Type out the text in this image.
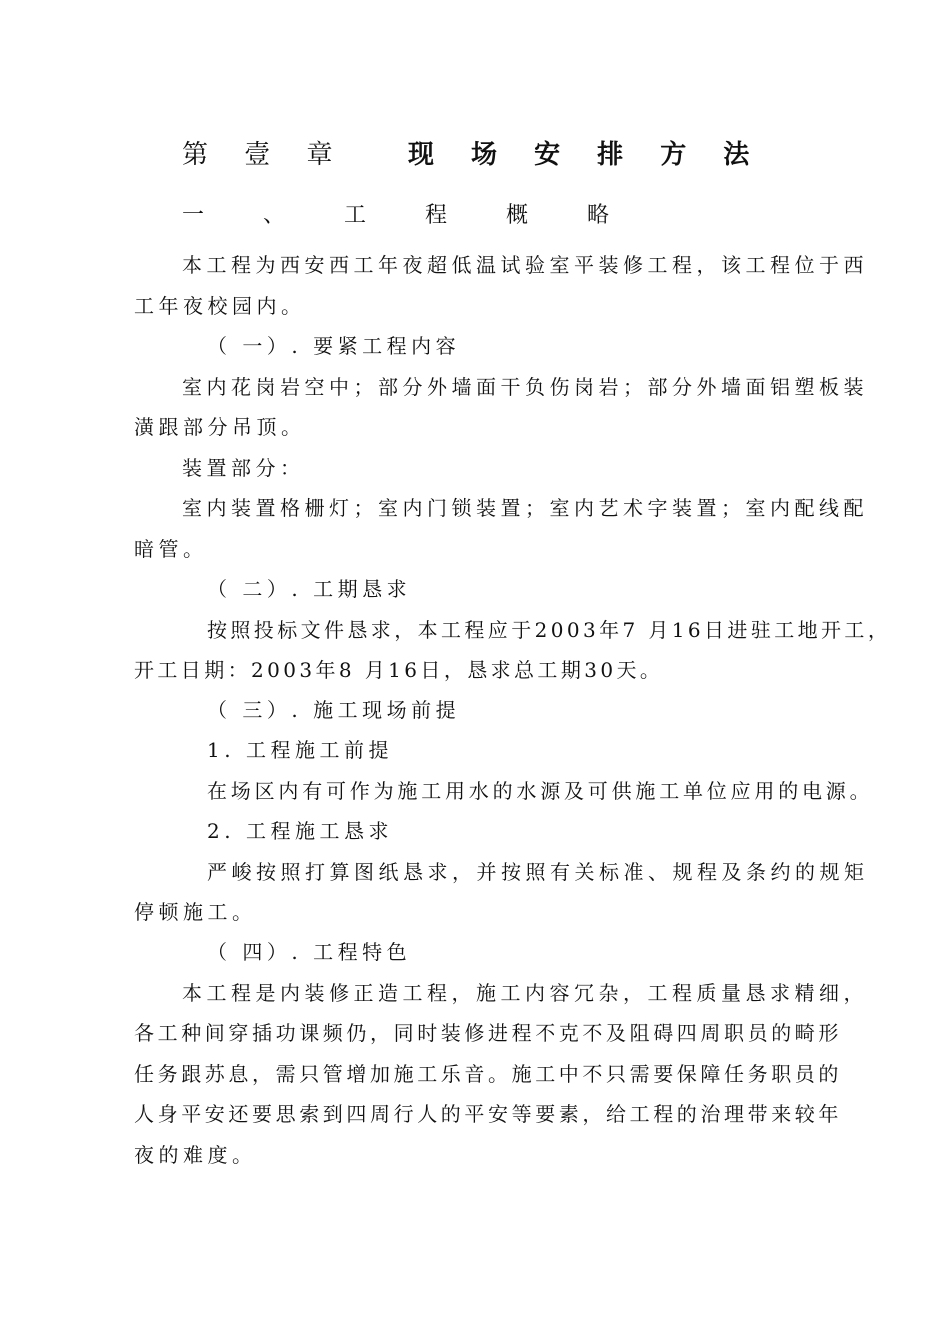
第 壹 章 现 场 安 排 方 法
一 、 工 程 概 略
本工程为西安西工年夜超低温试验室平装修工程，该工程位于西
工年夜校园内。
（ 一）. 要紧工程内容
室内花岗岩空中；部分外墙面干负伤岗岩；部分外墙面铝塑板装
潢跟部分吊顶。
装置部分：
室内装置格栅灯；室内门锁装置；室内艺术字装置；室内配线配
暗管。
（ 二）. 工期恳求
按照投标文件恳求，本工程应于2003年7 月16日进驻工地开工，
开工日期：2003年8 月16日，恳求总工期30天。
（ 三）. 施工现场前提
1. 工程施工前提
在场区内有可作为施工用水的水源及可供施工单位应用的电源。
2. 工程施工恳求
严峻按照打算图纸恳求，并按照有关标准、规程及条约的规矩
停顿施工。
（ 四）. 工程特色
本工程是内装修正造工程，施工内容冗杂，工程质量恳求精细，
各工种间穿插功课频仍，同时装修进程不克不及阻碍四周职员的畸形
任务跟苏息，需只管增加施工乐音。施工中不只需要保障任务职员的
人身平安还要思索到四周行人的平安等要素，给工程的治理带来较年
夜的难度。
